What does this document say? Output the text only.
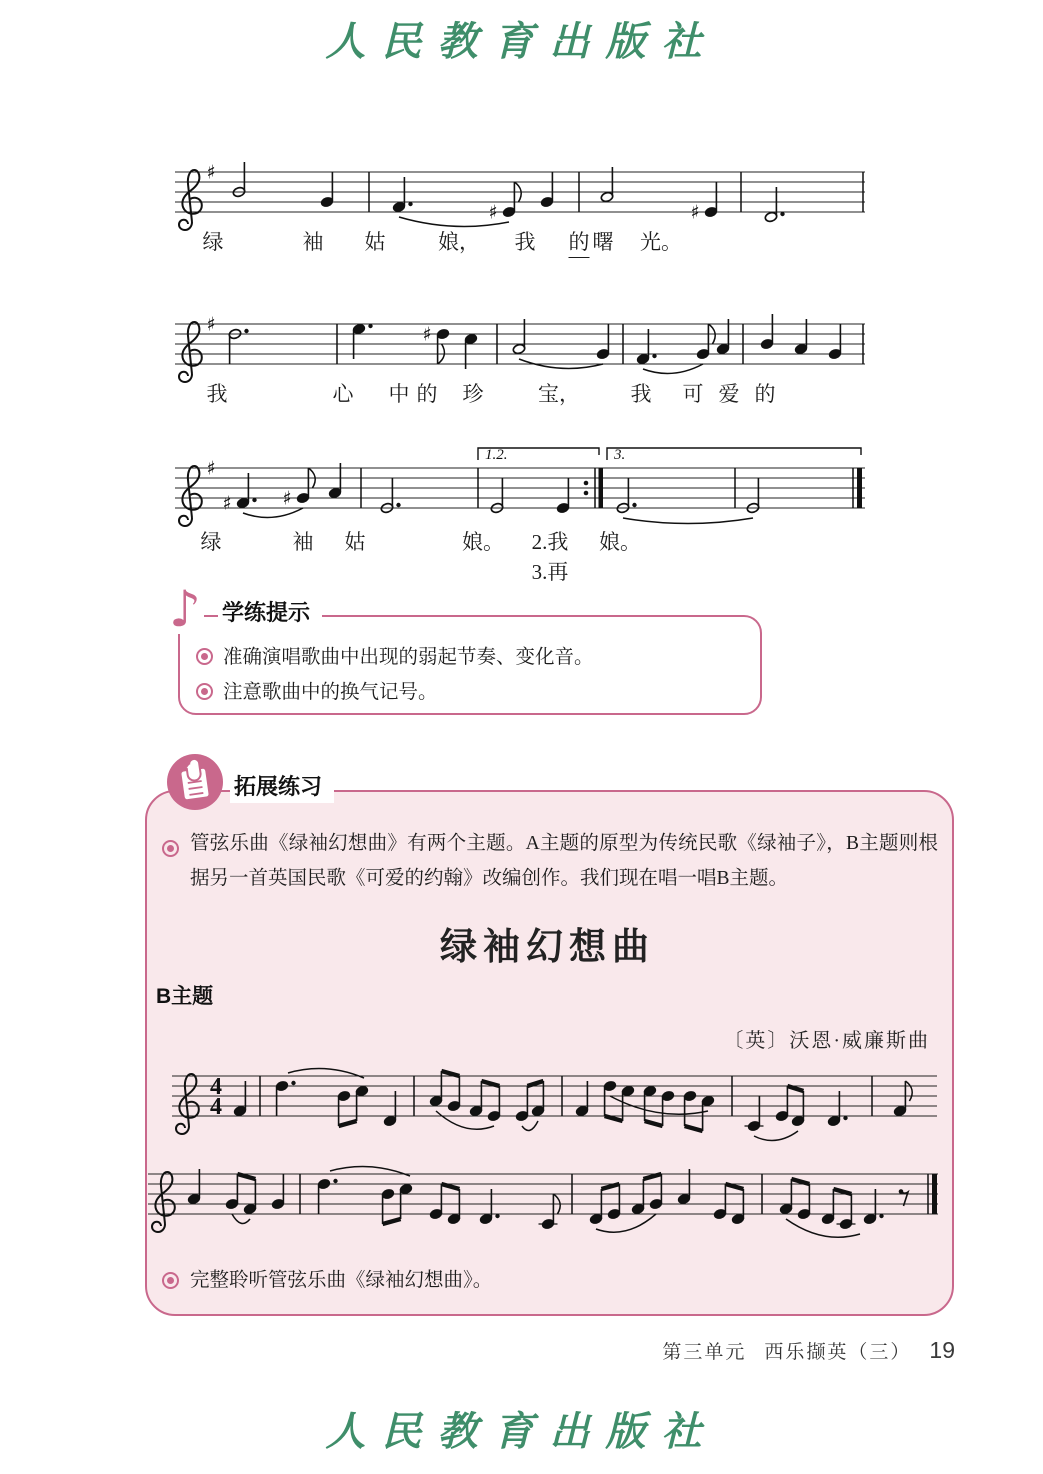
人民教育出版社
♯
♯	♯
绿	袖 姑	娘， 我 的 曙 光。
♯	♯
我	心 中 的 珍	宝， 我 可 爱 的
♯
♯	♯
1.2.	3.
绿	袖 姑	娘。 2.我 娘。
3.再
♪ 学练提示
准确演唱歌曲中出现的弱起节奏、变化音。
注意歌曲中的换气记号。
拓展练习
管弦乐曲《绿袖幻想曲》有两个主题。A主题的原型为传统民歌《绿袖子》，B主题则根据另一首英国民歌《可爱的约翰》改编创作。我们现在唱一唱B主题。
绿袖幻想曲
B主题
〔英〕沃恩·威廉斯曲
4
4
完整聆听管弦乐曲《绿袖幻想曲》。
第三单元 西乐撷英（三） 19
人民教育出版社
